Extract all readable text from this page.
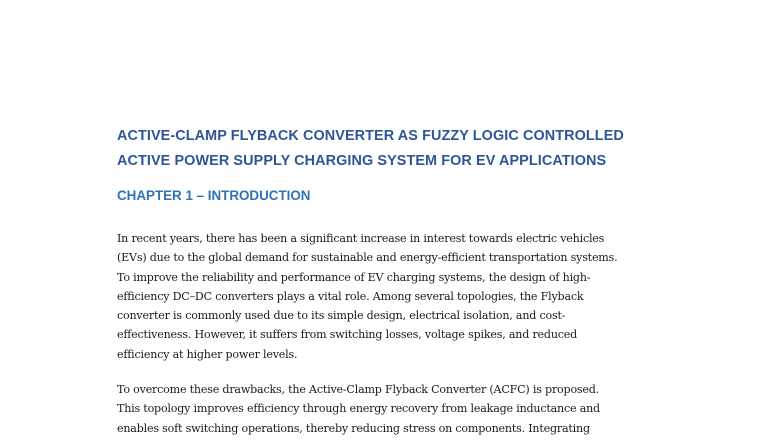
ACTIVE-CLAMP FLYBACK CONVERTER AS FUZZY LOGIC CONTROLLED
ACTIVE POWER SUPPLY CHARGING SYSTEM FOR EV APPLICATIONS
CHAPTER 1 – INTRODUCTION
In recent years, there has been a significant increase in interest towards electric vehicles
(EVs) due to the global demand for sustainable and energy-efficient transportation systems.
To improve the reliability and performance of EV charging systems, the design of high-
efficiency DC–DC converters plays a vital role. Among several topologies, the Flyback
converter is commonly used due to its simple design, electrical isolation, and cost-
effectiveness. However, it suffers from switching losses, voltage spikes, and reduced
efficiency at higher power levels.
To overcome these drawbacks, the Active-Clamp Flyback Converter (ACFC) is proposed.
This topology improves efficiency through energy recovery from leakage inductance and
enables soft switching operations, thereby reducing stress on components. Integrating
